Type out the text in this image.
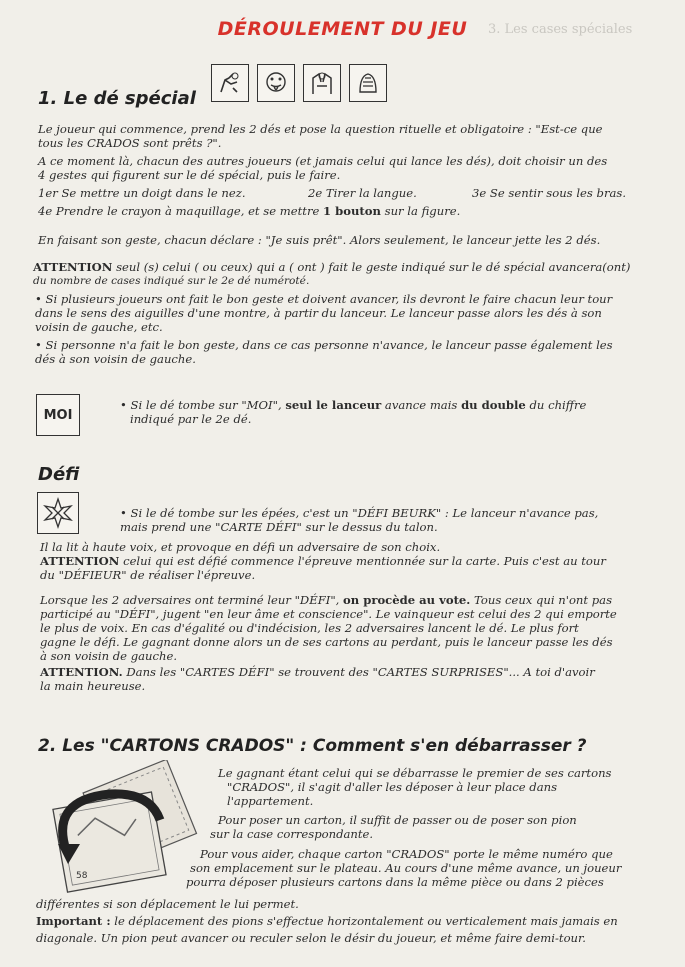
3. Les cases spéciales
DÉROULEMENT DU JEU
1. Le dé spécial

Le joueur qui commence, prend les 2 dés et pose la question rituelle et obligatoire : "Est-ce que

tous les CRADOS sont prêts ?".

A ce moment là, chacun des autres joueurs (et jamais celui qui lance les dés), doit choisir un des

4 gestes qui figurent sur le dé spécial, puis le faire.

1er Se mettre un doigt dans le nez.	2e Tirer la langue.	3e Se sentir sous les bras.

4e Prendre le crayon à maquillage, et se mettre 1 bouton sur la figure.

En faisant son geste, chacun déclare : "Je suis prêt". Alors seulement, le lanceur jette les 2 dés.

ATTENTION seul (s) celui ( ou ceux) qui a ( ont ) fait le geste indiqué sur le dé spécial avancera(ont)

du nombre de cases indiqué sur le 2e dé numéroté.

• Si plusieurs joueurs ont fait le bon geste et doivent avancer, ils devront le faire chacun leur tour

dans le sens des aiguilles d'une montre, à partir du lanceur. Le lanceur passe alors les dés à son

voisin de gauche, etc.

• Si personne n'a fait le bon geste, dans ce cas personne n'avance, le lanceur passe également les

dés à son voisin de gauche.

MOI

• Si le dé tombe sur "MOI", seul le lanceur avance mais du double du chiffre

indiqué par le 2e dé.

Défi

• Si le dé tombe sur les épées, c'est un "DÉFI BEURK" : Le lanceur n'avance pas,

mais prend une "CARTE DÉFI" sur le dessus du talon.

Il la lit à haute voix, et provoque en défi un adversaire de son choix.

ATTENTION celui qui est défié commence l'épreuve mentionnée sur la carte. Puis c'est au tour

du "DÉFIEUR" de réaliser l'épreuve.

Lorsque les 2 adversaires ont terminé leur "DÉFI", on procède au vote. Tous ceux qui n'ont pas

participé au "DÉFI", jugent "en leur âme et conscience". Le vainqueur est celui des 2 qui emporte

le plus de voix. En cas d'égalité ou d'indécision, les 2 adversaires lancent le dé. Le plus fort

gagne le défi. Le gagnant donne alors un de ses cartons au perdant, puis le lanceur passe les dés

à son voisin de gauche.

ATTENTION. Dans les "CARTES DÉFI" se trouvent des "CARTES SURPRISES"... A toi d'avoir

la main heureuse.

2. Les "CARTONS CRADOS" : Comment s'en débarrasser ?
58

Le gagnant étant celui qui se débarrasse le premier de ses cartons

"CRADOS", il s'agit d'aller les déposer à leur place dans

l'appartement.

Pour poser un carton, il suffit de passer ou de poser son pion

sur la case correspondante.

Pour vous aider, chaque carton "CRADOS" porte le même numéro que

son emplacement sur le plateau. Au cours d'une même avance, un joueur

pourra déposer plusieurs cartons dans la même pièce ou dans 2 pièces

différentes si son déplacement le lui permet.

Important : le déplacement des pions s'effectue horizontalement ou verticalement mais jamais en

diagonale. Un pion peut avancer ou reculer selon le désir du joueur, et même faire demi-tour.
